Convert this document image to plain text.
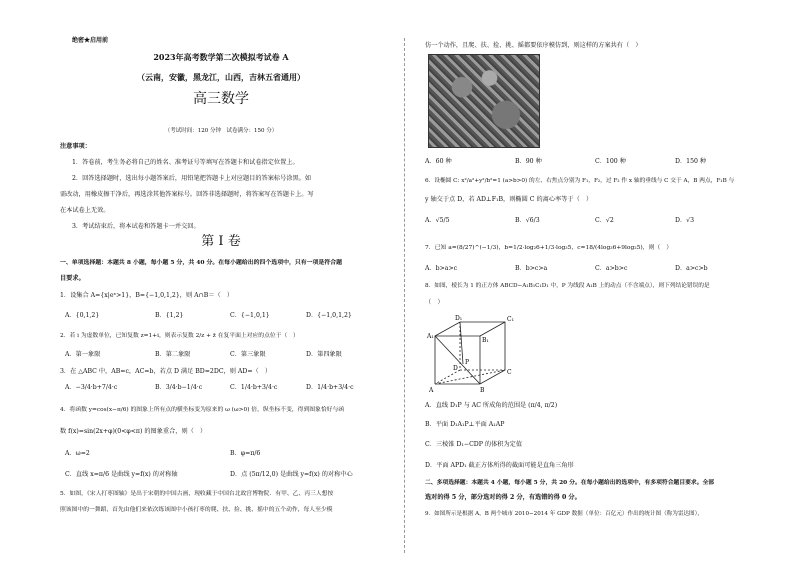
绝密★启用前
2023年高考数学第二次模拟考试卷 A
（云南，安徽，黑龙江，山西，吉林五省通用）
高三数学
（考试时间：120 分钟　试卷满分：150 分）
注意事项：
1．答卷前，考生务必将自己的姓名、准考证号等填写在答题卡和试卷指定位置上。
2．回答选择题时，选出每小题答案后，用铅笔把答题卡上对应题目的答案标号涂黑。如
需改动，用橡皮擦干净后，再选涂其他答案标号。回答非选择题时，将答案写在答题卡上。写
在本试卷上无效。
3．考试结束后，将本试卷和答题卡一并交回。
第 I 卷
一、单项选择题：本题共 8 小题，每小题 5 分，共 40 分。在每小题给出的四个选项中，只有一项是符合题
目要求。
1．设集合 A={x|eˣ>1}，B={−1,0,1,2}，则 A∩B＝（　）
A．{0,1,2}	B．{1,2}	C．{−1,0,1}	D．{−1,0,1,2}
2．若 i 为虚数单位，已知复数 z=1+i，则表示复数 2/z + z̄ 在复平面上对应的点位于（　）
A．第一象限	B．第二象限	C．第三象限	D．第四象限
3．在 △ABC 中，AB=c，AC=b，若点 D 满足 BD=2DC，则 AD=（　）
A．−3/4·b+7/4·c	B．3/4·b−1/4·c	C．1/4·b+3/4·c	D．1/4·b+3/4·c
4．将函数 y=cos(x−π/6) 的图象上所有点的横坐标变为原来的 ω (ω>0) 倍，纵坐标不变，得到图象恰好与函
数 f(x)=sin(2x+φ)(0<φ<π) 的图象重合，则（　）
A．ω=2	B．φ=π/6
C．直线 x=π/6 是曲线 y=f(x) 的对称轴	D．点 (5π/12,0) 是曲线 y=f(x) 的对称中心
5．如图，《宋人打枣图轴》是出于宋朝的中国古画，现收藏于中国台北故宫博物院．有甲、乙、丙三人想按
照该图中的一舞蹈，首先由他们来依次练该图中小孩打枣的爬、扶、捡、挑、摇中的五个动作，每人至少模
仿一个动作，且爬、扶、捡、挑、摇都要依序模仿到，则这样的方案共有（　）
A．60 种	B．90 种	C．100 种	D．150 种
6．设椭圆 C: x²/a²+y²/b²=1 (a>b>0) 的左、右焦点分别为 F₁，F₂，过 F₂ 作 x 轴的垂线与 C 交于 A，B 两点，F₁B 与
y 轴交于点 D，若 AD⊥F₁B，则椭圆 C 的离心率等于（　）
A．√5/5	B．√6/3	C．√2	D．√3
7．已知 a=(8/27)^(−1/3)，b=1/2·log₂6+1/3·log₃5，c=18/(4log₃6+9log₂5)，则（　）
A．b>a>c	B．b>c>a	C．a>b>c	D．a>c>b
8．如图，棱长为 1 的正方体 ABCD−A₁B₁C₁D₁ 中，P 为线段 A₁B 上的动点（不含端点），则下列结论错误的是
（　）
A．直线 D₁P 与 AC 所成角的范围是 (π/4, π/2)
B．平面 D₁A₁P⊥平面 A₁AP
C．三棱锥 D₁−CDP 的体积为定值
D．平面 APD₁ 截正方体所得的截面可能是直角三角形
二、多项选择题：本题共 4 小题，每小题 5 分，共 20 分。在每小题给出的选项中，有多项符合题目要求。全部
选对的得 5 分，部分选对的得 2 分，有选错的得 0 分。
9．如图所示是根据 A，B 两个城市 2010−2014 年 GDP 数据（单位：百亿元）作出的统计图（称为雷达图），
D₁	C₁
A₁
B₁
P
D
C
A	B
